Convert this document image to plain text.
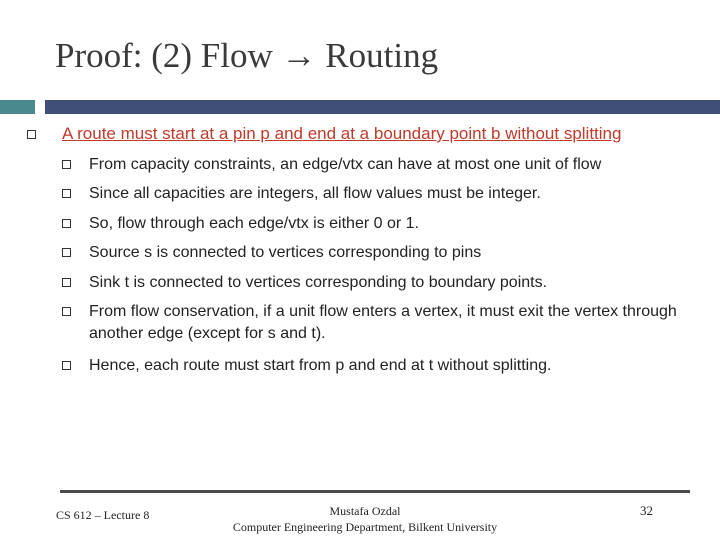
Proof: (2) Flow → Routing
A route must start at a pin p and end at a boundary point b without splitting
From capacity constraints, an edge/vtx can have at most one unit of flow
Since all capacities are integers, all flow values must be integer.
So, flow through each edge/vtx is either 0 or 1.
Source s is connected to vertices corresponding to pins
Sink t is connected to vertices corresponding to boundary points.
From flow conservation, if a unit flow enters a vertex, it must exit the vertex through another edge (except for s and t).
Hence, each route must start from p and end at t without splitting.
CS 612 – Lecture 8	Mustafa Ozdal
Computer Engineering Department, Bilkent University
32
